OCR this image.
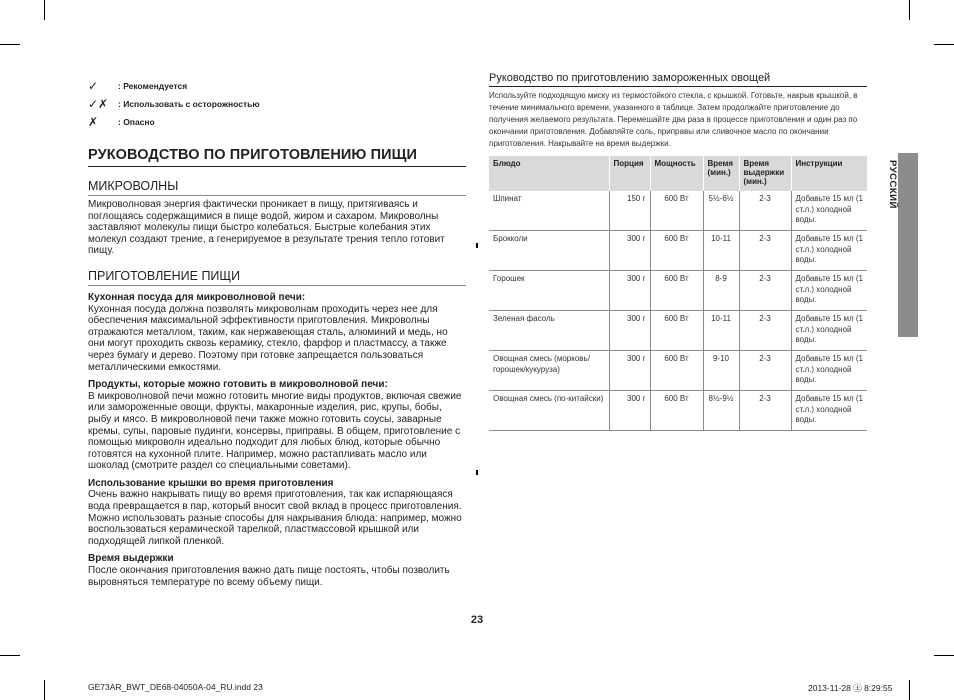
✓	: Рекомендуется
✓✗	: Использовать с осторожностью
✗	: Опасно
РУКОВОДСТВО ПО ПРИГОТОВЛЕНИЮ ПИЩИ
МИКРОВОЛНЫ
Микроволновая энергия фактически проникает в пищу, притягиваясь и поглощаясь содержащимися в пище водой, жиром и сахаром. Микроволны заставляют молекулы пищи быстро колебаться. Быстрые колебания этих молекул создают трение, а генерируемое в результате трения тепло готовит пищу.
ПРИГОТОВЛЕНИЕ ПИЩИ
Кухонная посуда для микроволновой печи:
Кухонная посуда должна позволять микроволнам проходить через нее для обеспечения максимальной эффективности приготовления. Микроволны отражаются металлом, таким, как нержавеющая сталь, алюминий и медь, но они могут проходить сквозь керамику, стекло, фарфор и пластмассу, а также через бумагу и дерево. Поэтому при готовке запрещается пользоваться металлическими емкостями.
Продукты, которые можно готовить в микроволновой печи:
В микроволновой печи можно готовить многие виды продуктов, включая свежие или замороженные овощи, фрукты, макаронные изделия, рис, крупы, бобы, рыбу и мясо. В микроволновой печи также можно готовить соусы, заварные кремы, супы, паровые пудинги, консервы, приправы. В общем, приготовление с помощью микроволн идеально подходит для любых блюд, которые обычно готовятся на кухонной плите. Например, можно растапливать масло или шоколад (смотрите раздел со специальными советами).
Использование крышки во время приготовления
Очень важно накрывать пищу во время приготовления, так как испаряющаяся вода превращается в пар, который вносит свой вклад в процесс приготовления. Можно использовать разные способы для накрывания блюда: например, можно воспользоваться керамической тарелкой, пластмассовой крышкой или подходящей липкой пленкой.
Время выдержки
После окончания приготовления важно дать пище постоять, чтобы позволить выровняться температуре по всему объему пищи.
Руководство по приготовлению замороженных овощей
Используйте подходящую миску из термостойкого стекла, с крышкой. Готовьте, накрыв крышкой, в течение минимального времени, указанного в таблице. Затем продолжайте приготовление до получения желаемого результата. Перемешайте два раза в процессе приготовления и один раз по окончании приготовления. Добавляйте соль, приправы или сливочное масло по окончании приготовления. Накрывайте на время выдержки.
Блюдо	Порция	Мощность	Время (мин.)	Время выдержки (мин.)	Инструкции
Шпинат	150 г	600 Вт	5½-6½	2-3	Добавьте 15 мл (1 ст.л.) холодной воды.
Брокколи	300 г	600 Вт	10-11	2-3	Добавьте 15 мл (1 ст.л.) холодной воды.
Горошек	300 г	600 Вт	8-9	2-3	Добавьте 15 мл (1 ст.л.) холодной воды.
Зеленая фасоль	300 г	600 Вт	10-11	2-3	Добавьте 15 мл (1 ст.л.) холодной воды.
Овощная смесь (морковь/ горошек/кукуруза)	300 г	600 Вт	9-10	2-3	Добавьте 15 мл (1 ст.л.) холодной воды.
Овощная смесь (по-китайски)	300 г	600 Вт	8½-9½	2-3	Добавьте 15 мл (1 ст.л.) холодной воды.
РУССКИЙ
23
GE73AR_BWT_DE68-04050A-04_RU.indd 23	2013-11-28 ㊏ 8:29:55
